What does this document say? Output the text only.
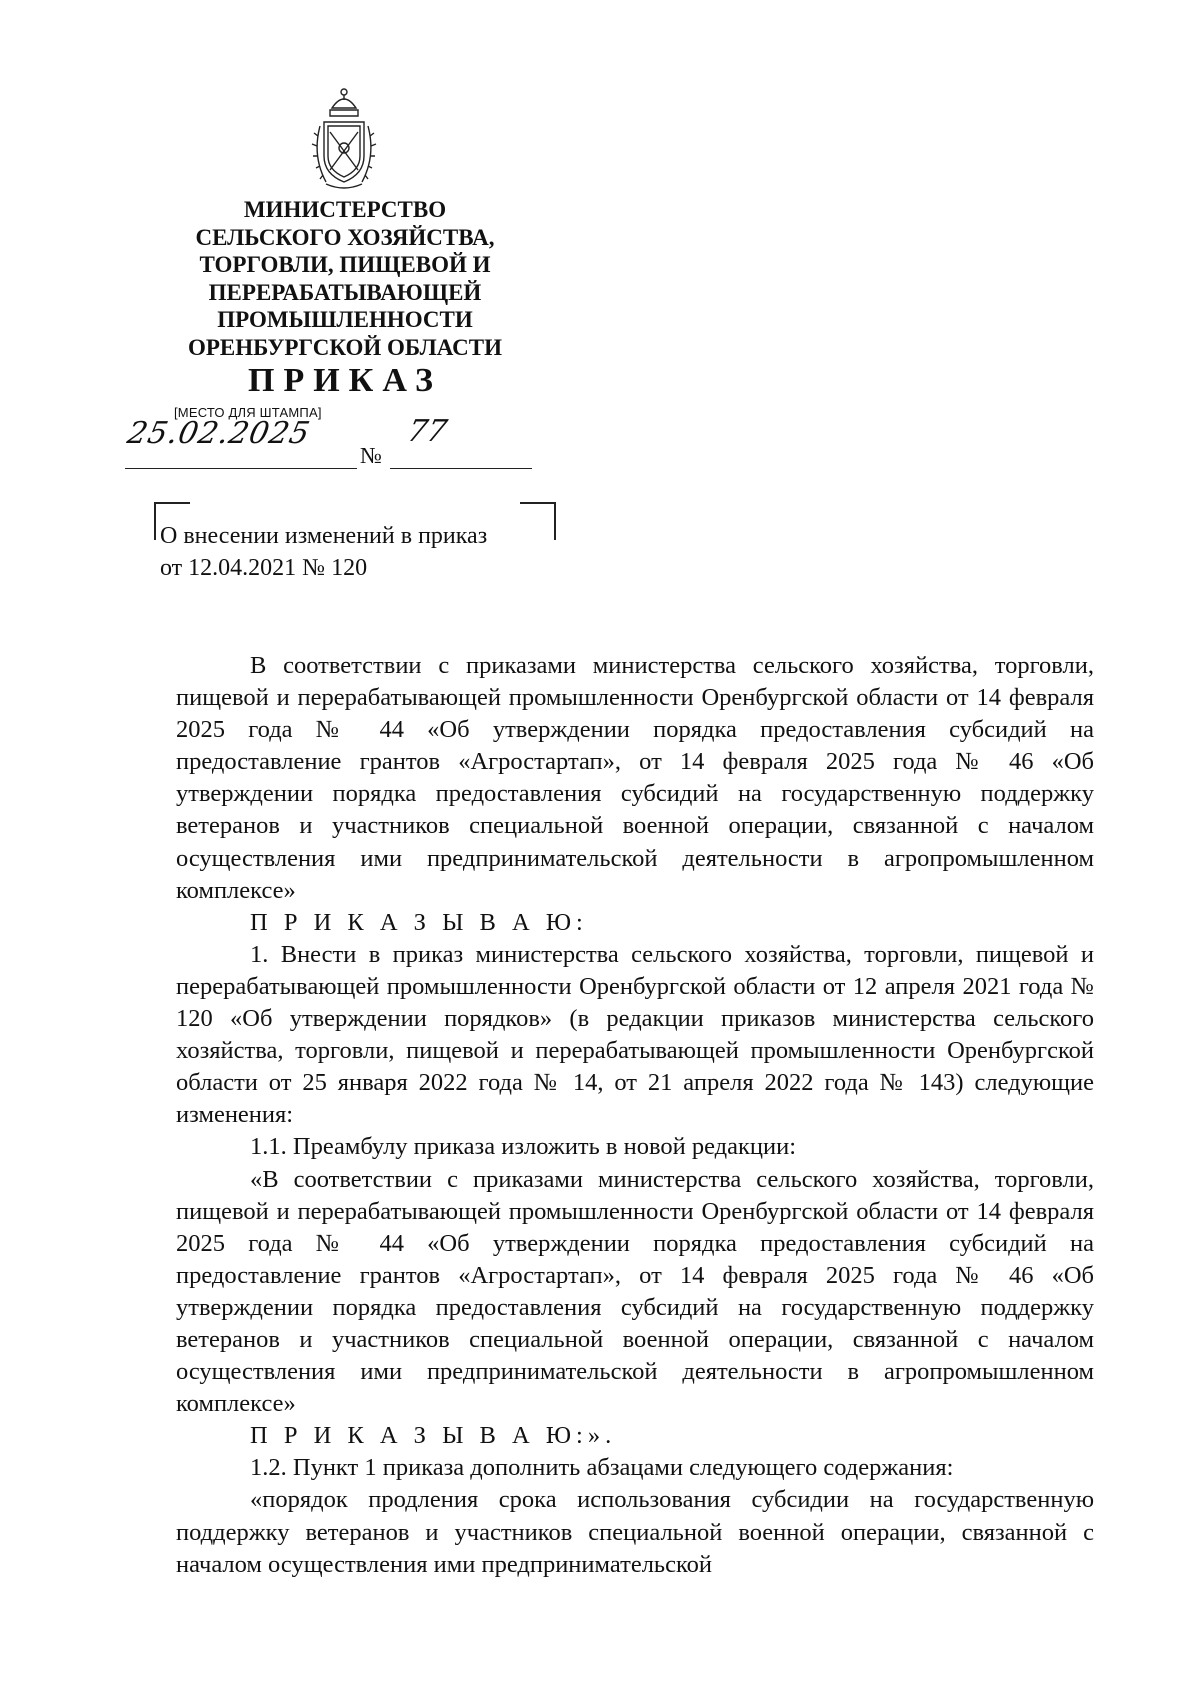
МИНИСТЕРСТВО
СЕЛЬСКОГО ХОЗЯЙСТВА,
ТОРГОВЛИ, ПИЩЕВОЙ И
ПЕРЕРАБАТЫВАЮЩЕЙ
ПРОМЫШЛЕННОСТИ
ОРЕНБУРГСКОЙ ОБЛАСТИ
ПРИКАЗ
[МЕСТО ДЛЯ ШТАМПА]
25.02.2025
№
77
О внесении изменений в приказ
от 12.04.2021 № 120

В соответствии с приказами министерства сельского хозяйства, торговли, пищевой и перерабатывающей промышленности Оренбургской области от 14 февраля 2025 года № 44 «Об утверждении порядка предоставления субсидий на предоставление грантов «Агростартап», от 14 февраля 2025 года № 46 «Об утверждении порядка предоставления субсидий на государственную поддержку ветеранов и участников специальной военной операции, связанной с началом осуществления ими предпринимательской деятельности в агропромышленном комплексе»

П Р И К А З Ы В А Ю:

1. Внести в приказ министерства сельского хозяйства, торговли, пищевой и перерабатывающей промышленности Оренбургской области от 12 апреля 2021 года № 120 «Об утверждении порядков» (в редакции приказов министерства сельского хозяйства, торговли, пищевой и перерабатывающей промышленности Оренбургской области от 25 января 2022 года № 14, от 21 апреля 2022 года № 143) следующие изменения:

1.1. Преамбулу приказа изложить в новой редакции:

«В соответствии с приказами министерства сельского хозяйства, торговли, пищевой и перерабатывающей промышленности Оренбургской области от 14 февраля 2025 года № 44 «Об утверждении порядка предоставления субсидий на предоставление грантов «Агростартап», от 14 февраля 2025 года № 46 «Об утверждении порядка предоставления субсидий на государственную поддержку ветеранов и участников специальной военной операции, связанной с началом осуществления ими предпринимательской деятельности в агропромышленном комплексе»

П Р И К А З Ы В А Ю:».

1.2. Пункт 1 приказа дополнить абзацами следующего содержания:

«порядок продления срока использования субсидии на государственную поддержку ветеранов и участников специальной военной операции, связанной с началом осуществления ими предпринимательской
